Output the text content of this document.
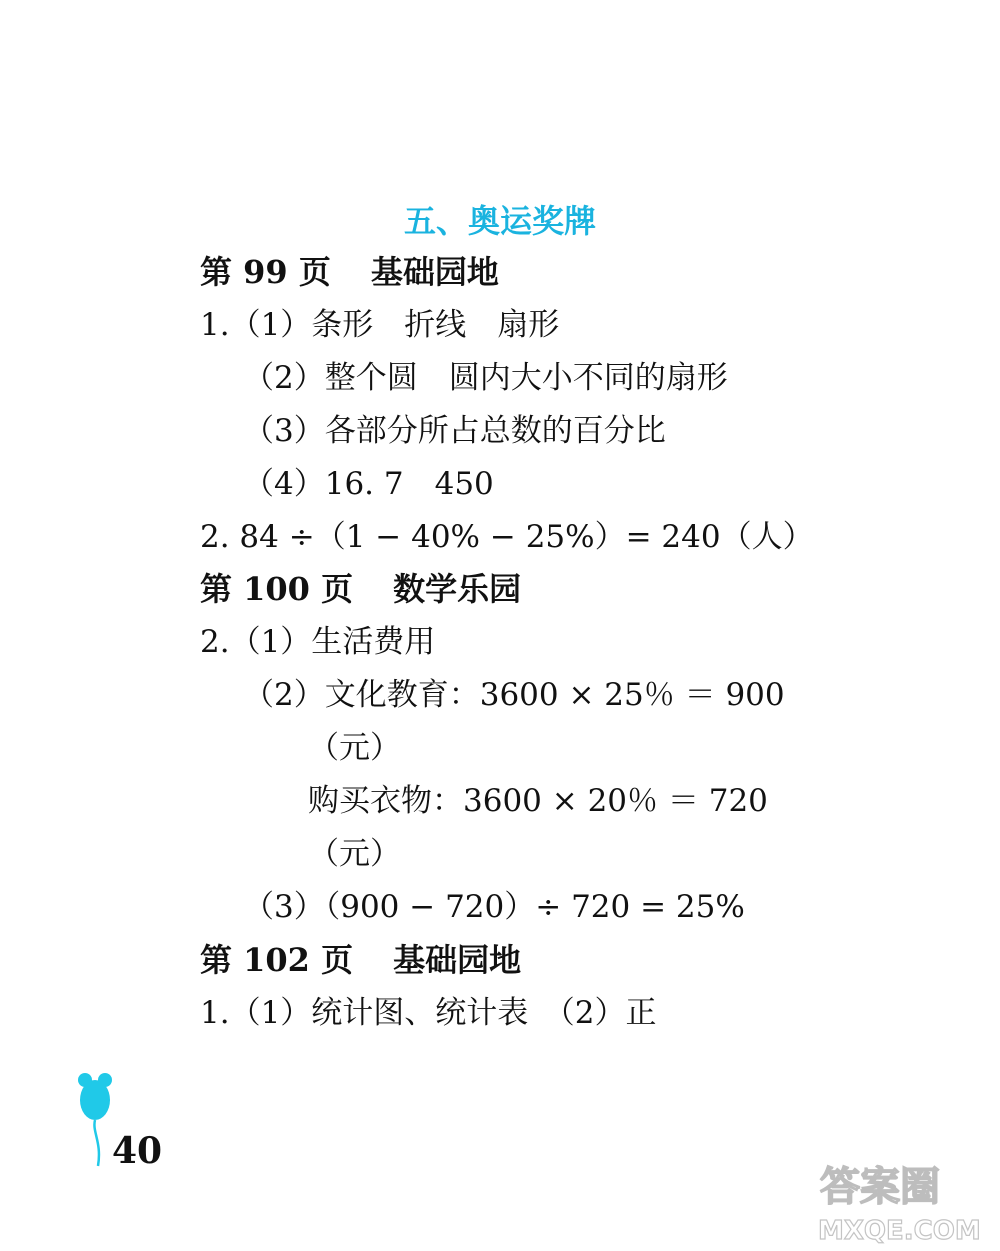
五、奥运奖牌
第 99 页 基础园地
1.（1）条形　折线　扇形
（2）整个圆　圆内大小不同的扇形
（3）各部分所占总数的百分比
（4）16. 7　450
2. 84 ÷（1 − 40% − 25%）= 240（人）
第 100 页 数学乐园
2.（1）生活费用
（2）文化教育：3600 × 25％ ＝ 900
（元）
购买衣物：3600 × 20％ ＝ 720
（元）
（3）（900 − 720）÷ 720 = 25%
第 102 页 基础园地
1.（1）统计图、统计表　（2）正
40
答案圈
MXQE.COM
